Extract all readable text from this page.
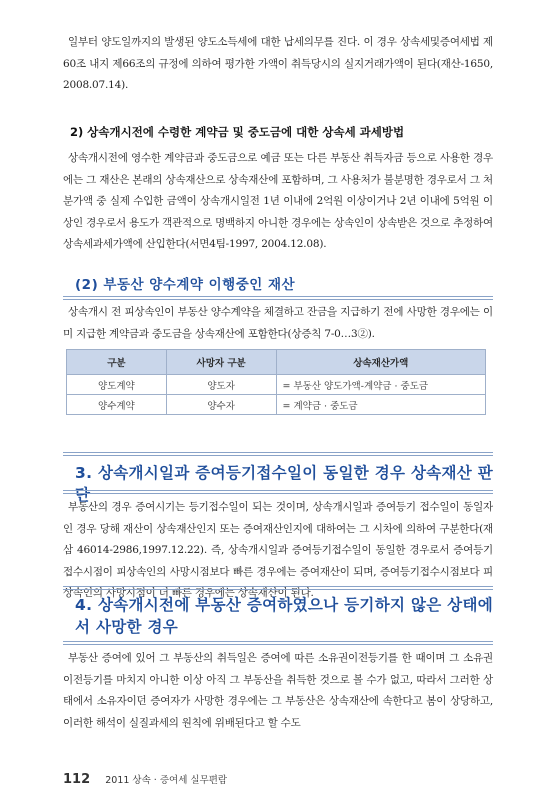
일부터 양도일까지의 발생된 양도소득세에 대한 납세의무를 진다. 이 경우 상속세및증여세법 제60조 내지 제66조의 규정에 의하여 평가한 가액이 취득당시의 실지거래가액이 된다(재산-1650, 2008.07.14).

2) 상속개시전에 수령한 계약금 및 중도금에 대한 상속세 과세방법

상속개시전에 영수한 계약금과 중도금으로 예금 또는 다른 부동산 취득자금 등으로 사용한 경우에는 그 재산은 본래의 상속재산으로 상속재산에 포함하며, 그 사용처가 불분명한 경우로서 그 처분가액 중 실제 수입한 금액이 상속개시일전 1년 이내에 2억원 이상이거나 2년 이내에 5억원 이상인 경우로서 용도가 객관적으로 명백하지 아니한 경우에는 상속인이 상속받은 것으로 추정하여 상속세과세가액에 산입한다(서면4팀-1997, 2004.12.08).

(2) 부동산 양수계약 이행중인 재산

상속개시 전 피상속인이 부동산 양수계약을 체결하고 잔금을 지급하기 전에 사망한 경우에는 이미 지급한 계약금과 중도금을 상속재산에 포함한다(상증칙 7-0…3②).

구분	사망자 구분	상속재산가액
양도계약	양도자	= 부동산 양도가액-계약금 · 중도금
양수계약	양수자	= 계약금 · 중도금
3. 상속개시일과 증여등기접수일이 동일한 경우 상속재산 판단

부동산의 경우 증여시기는 등기접수일이 되는 것이며, 상속개시일과 증여등기 접수일이 동일자인 경우 당해 재산이 상속재산인지 또는 증여재산인지에 대하여는 그 시차에 의하여 구분한다(재삼 46014-2986,1997.12.22). 즉, 상속개시일과 증여등기접수일이 동일한 경우로서 증여등기접수시점이 피상속인의 사망시점보다 빠른 경우에는 증여재산이 되며, 증여등기접수시점보다 피상속인의 사망시점이 더 빠른 경우에는 상속재산이 된다.

4. 상속개시전에 부동산 증여하였으나 등기하지 않은 상태에서 사망한 경우

부동산 증여에 있어 그 부동산의 취득일은 증여에 따른 소유권이전등기를 한 때이며 그 소유권이전등기를 마치지 아니한 이상 아직 그 부동산을 취득한 것으로 볼 수가 없고, 따라서 그러한 상태에서 소유자이던 증여자가 사망한 경우에는 그 부동산은 상속재산에 속한다고 봄이 상당하고, 이러한 해석이 실질과세의 원칙에 위배된다고 할 수도

112 2011 상속 · 증여세 실무편람
